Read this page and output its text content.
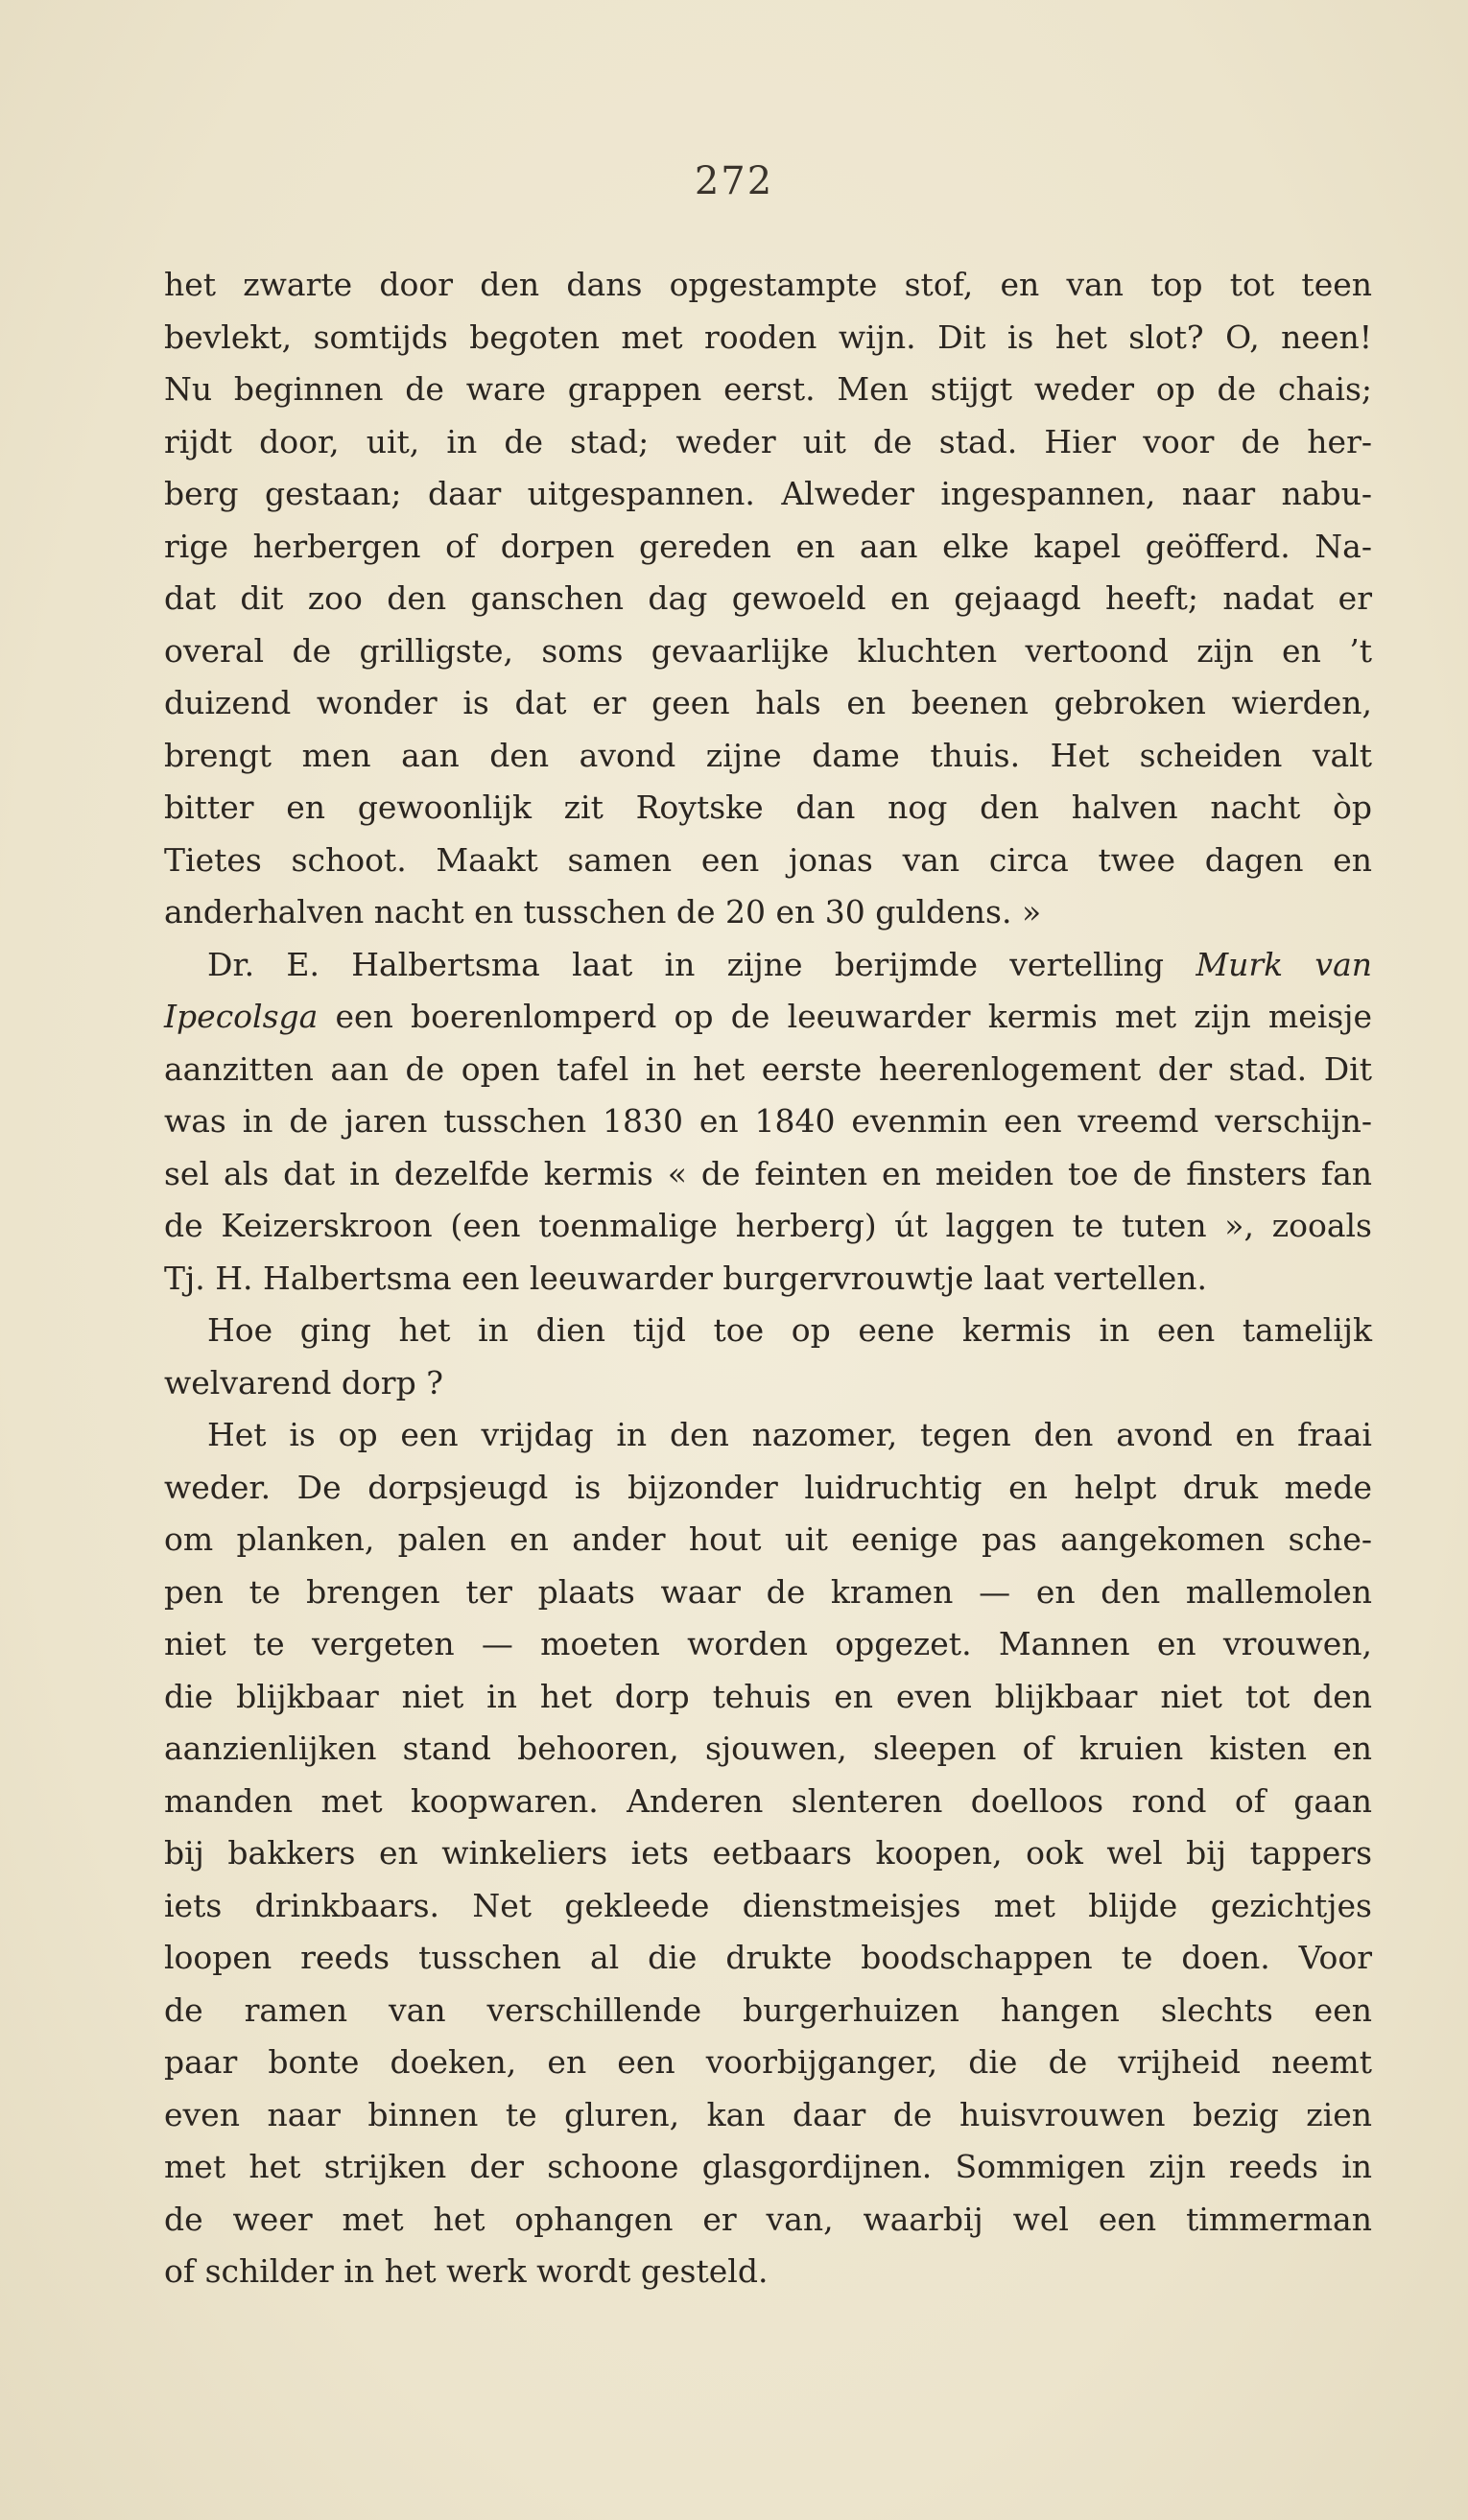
272
het zwarte door den dans opgestampte stof, en van top tot teen
bevlekt, somtijds begoten met rooden wijn. Dit is het slot? O, neen!
Nu beginnen de ware grappen eerst. Men stijgt weder op de chais;
rijdt door, uit, in de stad; weder uit de stad. Hier voor de her-
berg gestaan; daar uitgespannen. Alweder ingespannen, naar nabu-
rige herbergen of dorpen gereden en aan elke kapel geöfferd. Na-
dat dit zoo den ganschen dag gewoeld en gejaagd heeft; nadat er
overal de grilligste, soms gevaarlijke kluchten vertoond zijn en ’t
duizend wonder is dat er geen hals en beenen gebroken wierden,
brengt men aan den avond zijne dame thuis. Het scheiden valt
bitter en gewoonlijk zit Roytske dan nog den halven nacht òp
Tietes schoot. Maakt samen een jonas van circa twee dagen en
anderhalven nacht en tusschen de 20 en 30 guldens. »
Dr. E. Halbertsma laat in zijne berijmde vertelling Murk van
Ipecolsga een boerenlomperd op de leeuwarder kermis met zijn meisje
aanzitten aan de open tafel in het eerste heerenlogement der stad. Dit
was in de jaren tusschen 1830 en 1840 evenmin een vreemd verschijn-
sel als dat in dezelfde kermis « de feinten en meiden toe de finsters fan
de Keizerskroon (een toenmalige herberg) út laggen te tuten », zooals
Tj. H. Halbertsma een leeuwarder burgervrouwtje laat vertellen.
Hoe ging het in dien tijd toe op eene kermis in een tamelijk
welvarend dorp ?
Het is op een vrijdag in den nazomer, tegen den avond en fraai
weder. De dorpsjeugd is bijzonder luidruchtig en helpt druk mede
om planken, palen en ander hout uit eenige pas aangekomen sche-
pen te brengen ter plaats waar de kramen — en den mallemolen
niet te vergeten — moeten worden opgezet. Mannen en vrouwen,
die blijkbaar niet in het dorp tehuis en even blijkbaar niet tot den
aanzienlijken stand behooren, sjouwen, sleepen of kruien kisten en
manden met koopwaren. Anderen slenteren doelloos rond of gaan
bij bakkers en winkeliers iets eetbaars koopen, ook wel bij tappers
iets drinkbaars. Net gekleede dienstmeisjes met blijde gezichtjes
loopen reeds tusschen al die drukte boodschappen te doen. Voor
de ramen van verschillende burgerhuizen hangen slechts een
paar bonte doeken, en een voorbijganger, die de vrijheid neemt
even naar binnen te gluren, kan daar de huisvrouwen bezig zien
met het strijken der schoone glasgordijnen. Sommigen zijn reeds in
de weer met het ophangen er van, waarbij wel een timmerman
of schilder in het werk wordt gesteld.
